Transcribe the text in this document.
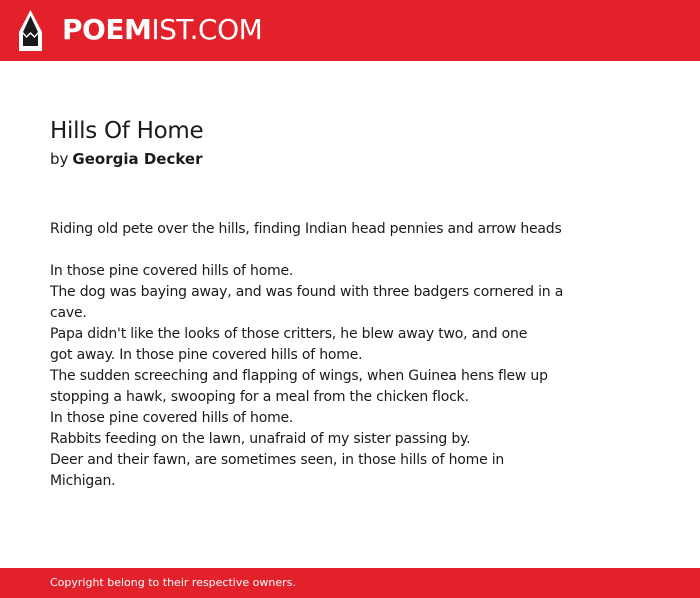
POEMIST.COM
Hills Of Home
by Georgia Decker
Riding old pete over the hills, finding Indian head pennies and arrow heads
In those pine covered hills of home.
The dog was baying away, and was found with three badgers cornered in a
cave.
Papa didn't like the looks of those critters, he blew away two, and one
got away. In those pine covered hills of home.
The sudden screeching and flapping of wings, when Guinea hens flew up
stopping a hawk, swooping for a meal from the chicken flock.
In those pine covered hills of home.
Rabbits feeding on the lawn, unafraid of my sister passing by.
Deer and their fawn, are sometimes seen, in those hills of home in
Michigan.
Copyright belong to their respective owners.
